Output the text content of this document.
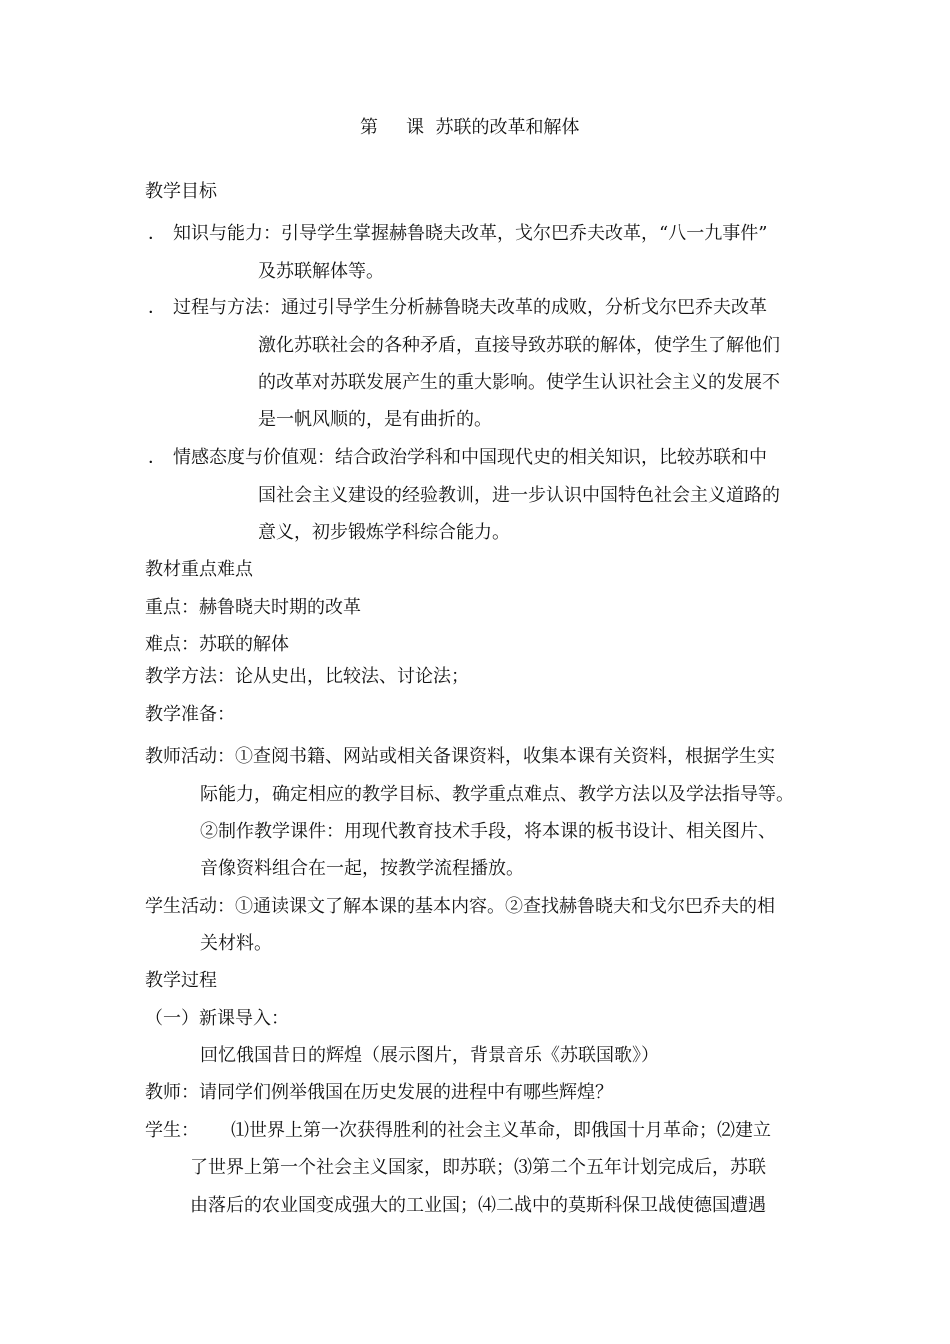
第 课 苏联的改革和解体
教学目标
． 知识与能力：引导学生掌握赫鲁晓夫改革，戈尔巴乔夫改革，“八一九事件”
及苏联解体等。
． 过程与方法：通过引导学生分析赫鲁晓夫改革的成败，分析戈尔巴乔夫改革
激化苏联社会的各种矛盾，直接导致苏联的解体，使学生了解他们
的改革对苏联发展产生的重大影响。使学生认识社会主义的发展不
是一帆风顺的，是有曲折的。
． 情感态度与价值观：结合政治学科和中国现代史的相关知识，比较苏联和中
国社会主义建设的经验教训，进一步认识中国特色社会主义道路的
意义，初步锻炼学科综合能力。
教材重点难点
重点：赫鲁晓夫时期的改革
难点：苏联的解体
教学方法：论从史出，比较法、讨论法；
教学准备：
教师活动：①查阅书籍、网站或相关备课资料，收集本课有关资料，根据学生实
际能力，确定相应的教学目标、教学重点难点、教学方法以及学法指导等。
②制作教学课件：用现代教育技术手段，将本课的板书设计、相关图片、
音像资料组合在一起，按教学流程播放。
学生活动：①通读课文了解本课的基本内容。②查找赫鲁晓夫和戈尔巴乔夫的相
关材料。
教学过程
（一）新课导入：
回忆俄国昔日的辉煌（展示图片，背景音乐《苏联国歌》）
教师：请同学们例举俄国在历史发展的进程中有哪些辉煌？
学生： ⑴世界上第一次获得胜利的社会主义革命，即俄国十月革命；⑵建立
了世界上第一个社会主义国家，即苏联；⑶第二个五年计划完成后，苏联
由落后的农业国变成强大的工业国；⑷二战中的莫斯科保卫战使德国遭遇
